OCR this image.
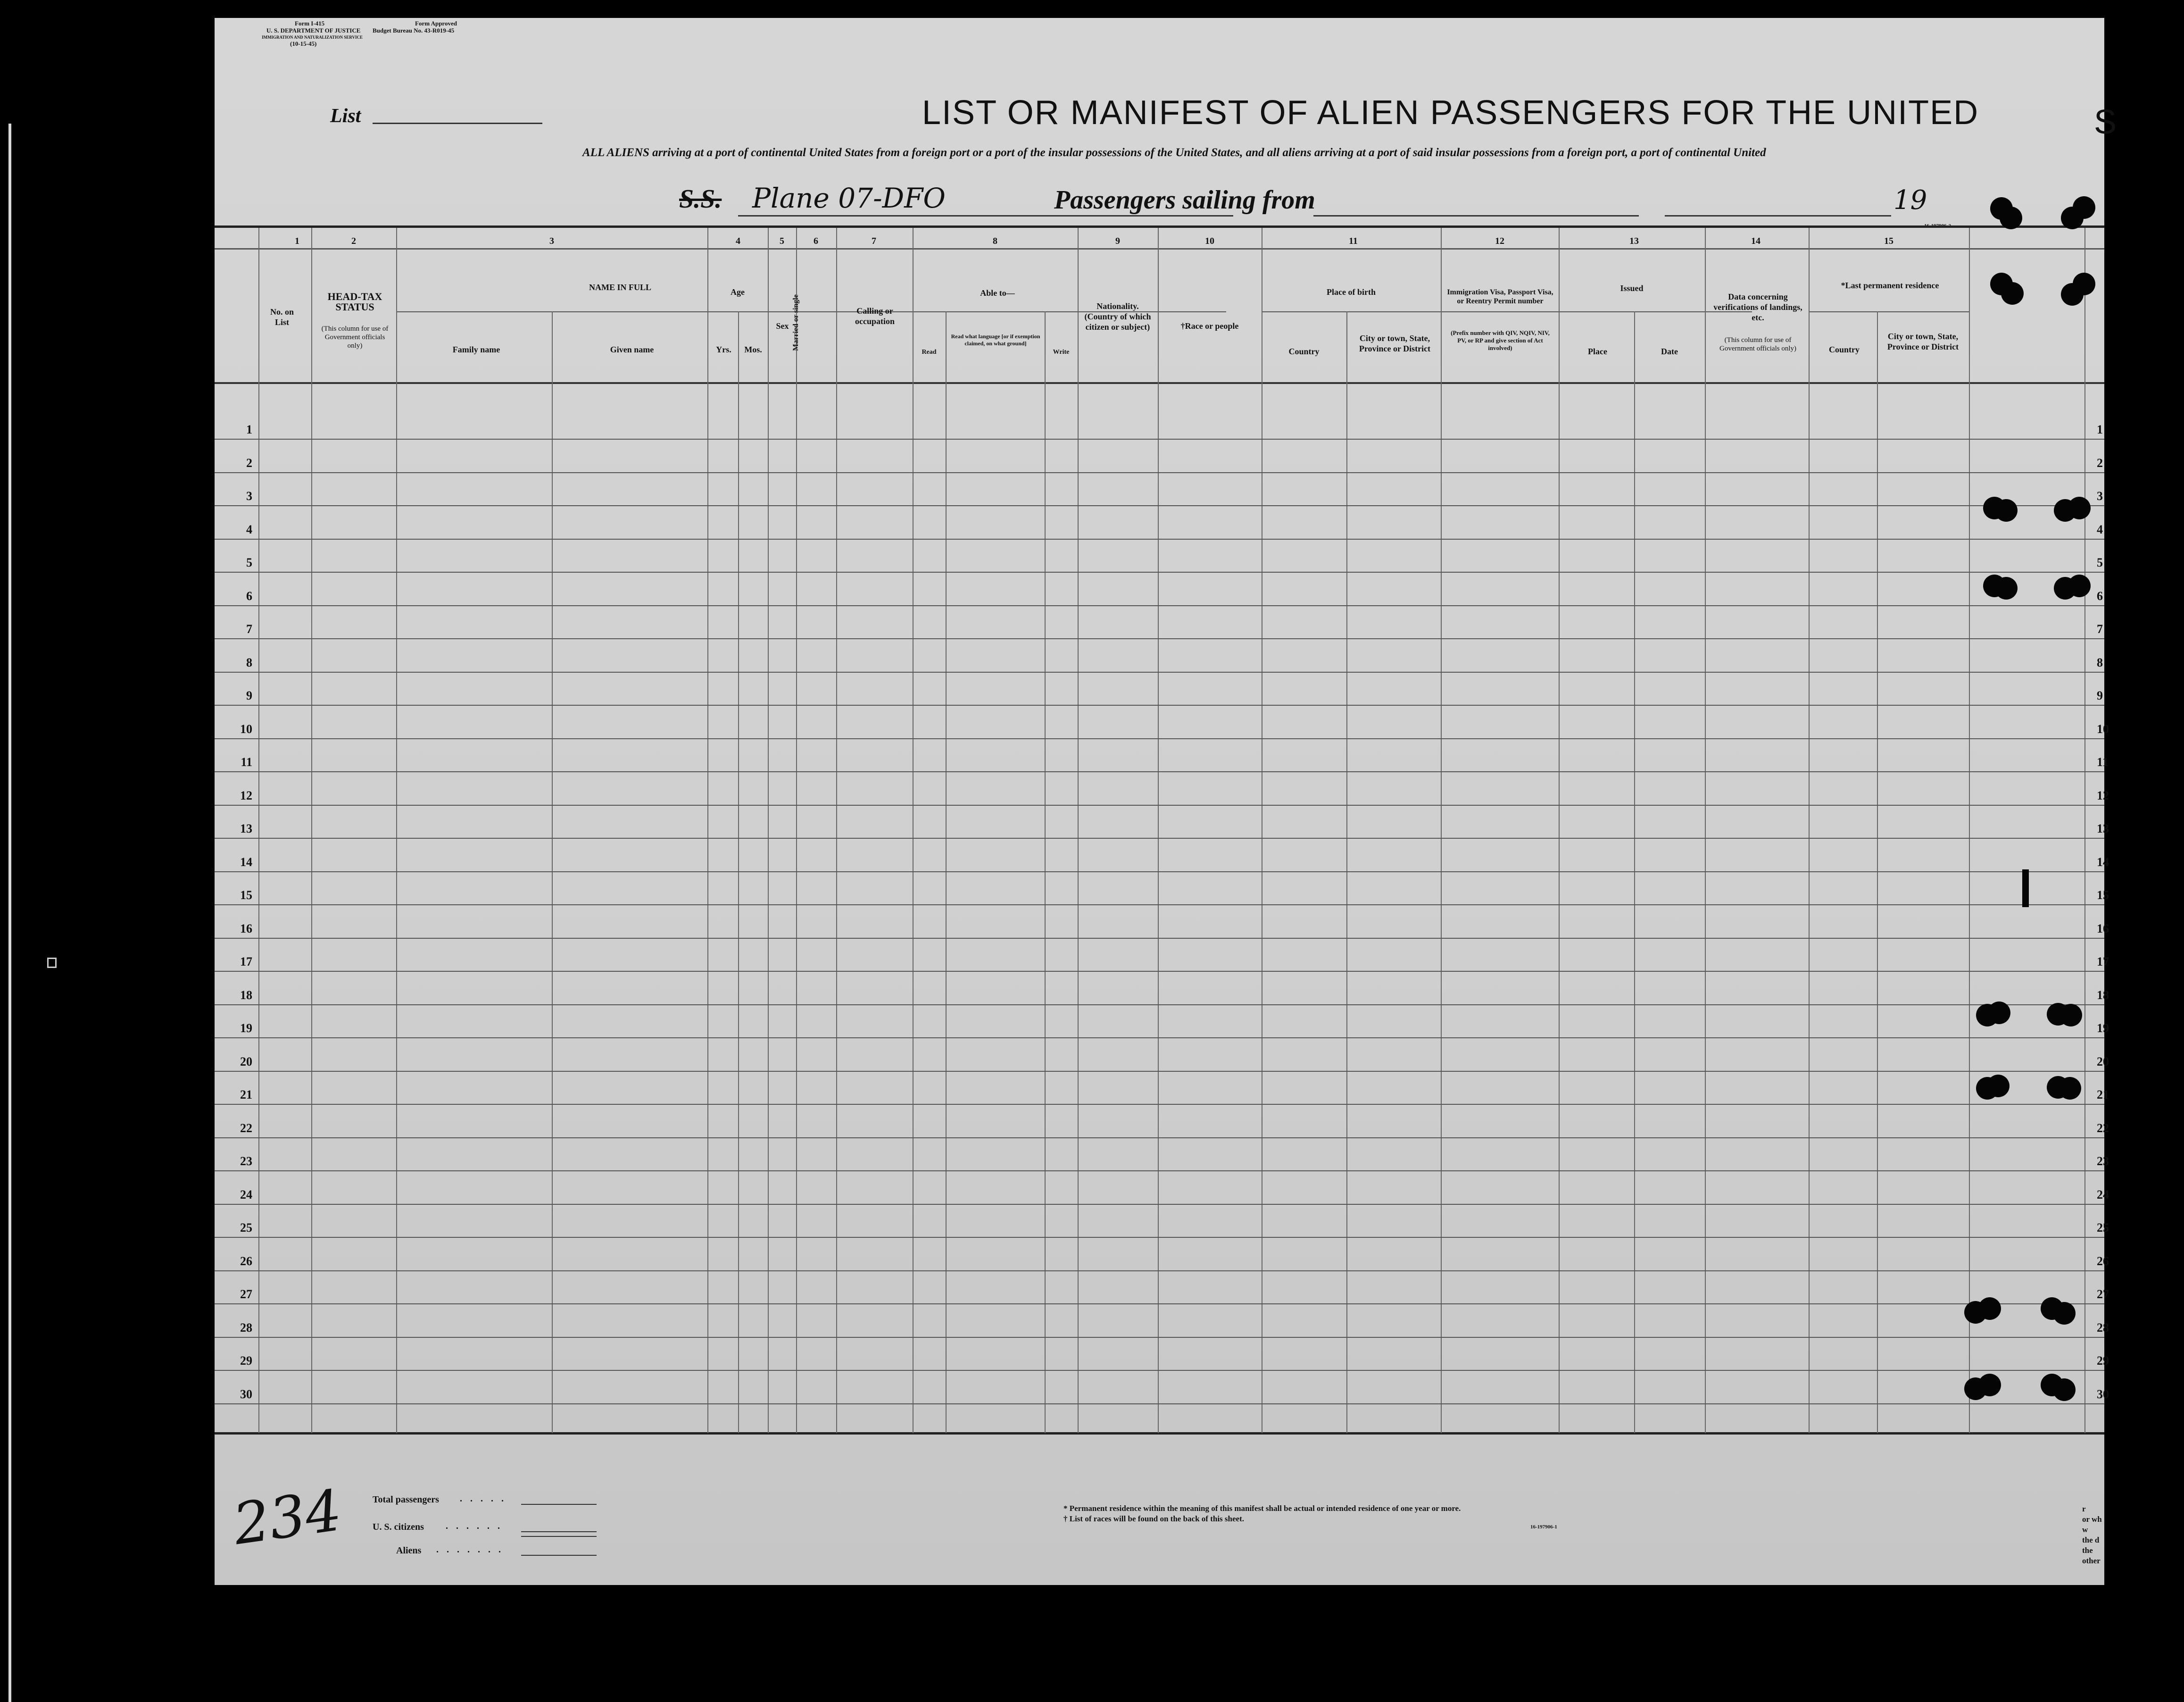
Form I-415
U. S. DEPARTMENT OF JUSTICE
IMMIGRATION AND NATURALIZATION SERVICE
(10-15-45)
Form Approved
Budget Bureau No. 43-R019-45
List	LIST OR MANIFEST OF ALIEN PASSENGERS FOR THE UNITED
ALL ALIENS arriving at a port of continental United States from a foreign port or a port of the insular possessions of the United States, and all aliens arriving at a port of said insular possessions from a foreign port, a port of continental United
S.S. Plane 07-DFO	Passengers sailing from	19
S
1	2	3	4	5	6	7	8	9	10	11	12	13	14	15
No. on List
HEAD-TAX STATUS
(This column for use of Government officials only)
NAME IN FULL
Family name	Given name
Age
Yrs.	Mos.
Sex Married or single	Calling or occupation
Able to—
Read
Read what language [or if exemption claimed, on what ground]
Write
Nationality. (Country of which citizen or subject)	†Race or people
Place of birth
Country
City or town, State, Province or District
Immigration Visa, Passport Visa, or Reentry Permit number
(Prefix number with QIV, NQIV, NIV, PV, or RP and give section of Act involved)
Issued
Place	Date
Data concerning verifications of landings, etc.
(This column for use of Government officials only)
*Last permanent residence
Country
City or town, State, Province or District
1	1
2	2
3	3
4	4
5	5
6	6
7	7
8	8
9	9
10	10
11	11
12	12
13	13
14	14
15	15
16	16
17	17
18	18
19	19
20	20
21	21
22	22
23	23
24	24
25	25
26	26
27	27
28	28
29	29
30	30
234	Total passengers . . . . .
U. S. citizens . . . . . .
Aliens . . . . . . .
* Permanent residence within the meaning of this manifest shall be actual or intended residence of one year or more.
† List of races will be found on the back of this sheet.
16-197906-1
r
or wh
w
the d
the
other
